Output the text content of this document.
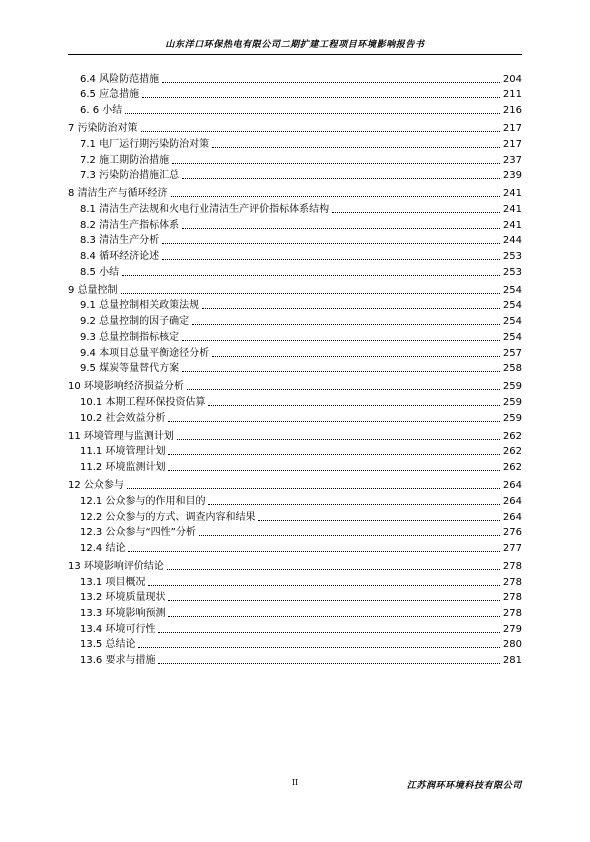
山东洋口环保热电有限公司二期扩建工程项目环境影响报告书
6.4 风险防范措施	204
6.5 应急措施	211
6. 6 小结	216
7 污染防治对策	217
7.1 电厂运行期污染防治对策	217
7.2 施工期防治措施	237
7.3 污染防治措施汇总	239
8 清洁生产与循环经济	241
8.1 清洁生产法规和火电行业清洁生产评价指标体系结构	241
8.2 清洁生产指标体系	241
8.3 清洁生产分析	244
8.4 循环经济论述	253
8.5 小结	253
9 总量控制	254
9.1 总量控制相关政策法规	254
9.2 总量控制的因子确定	254
9.3 总量控制指标核定	254
9.4 本项目总量平衡途径分析	257
9.5 煤炭等量替代方案	258
10 环境影响经济损益分析	259
10.1 本期工程环保投资估算	259
10.2 社会效益分析	259
11 环境管理与监测计划	262
11.1 环境管理计划	262
11.2 环境监测计划	262
12 公众参与	264
12.1 公众参与的作用和目的	264
12.2 公众参与的方式、调查内容和结果	264
12.3 公众参与“四性”分析	276
12.4 结论	277
13 环境影响评价结论	278
13.1 项目概况	278
13.2 环境质量现状	278
13.3 环境影响预测	278
13.4 环境可行性	279
13.5 总结论	280
13.6 要求与措施	281
II	江苏润环环境科技有限公司
